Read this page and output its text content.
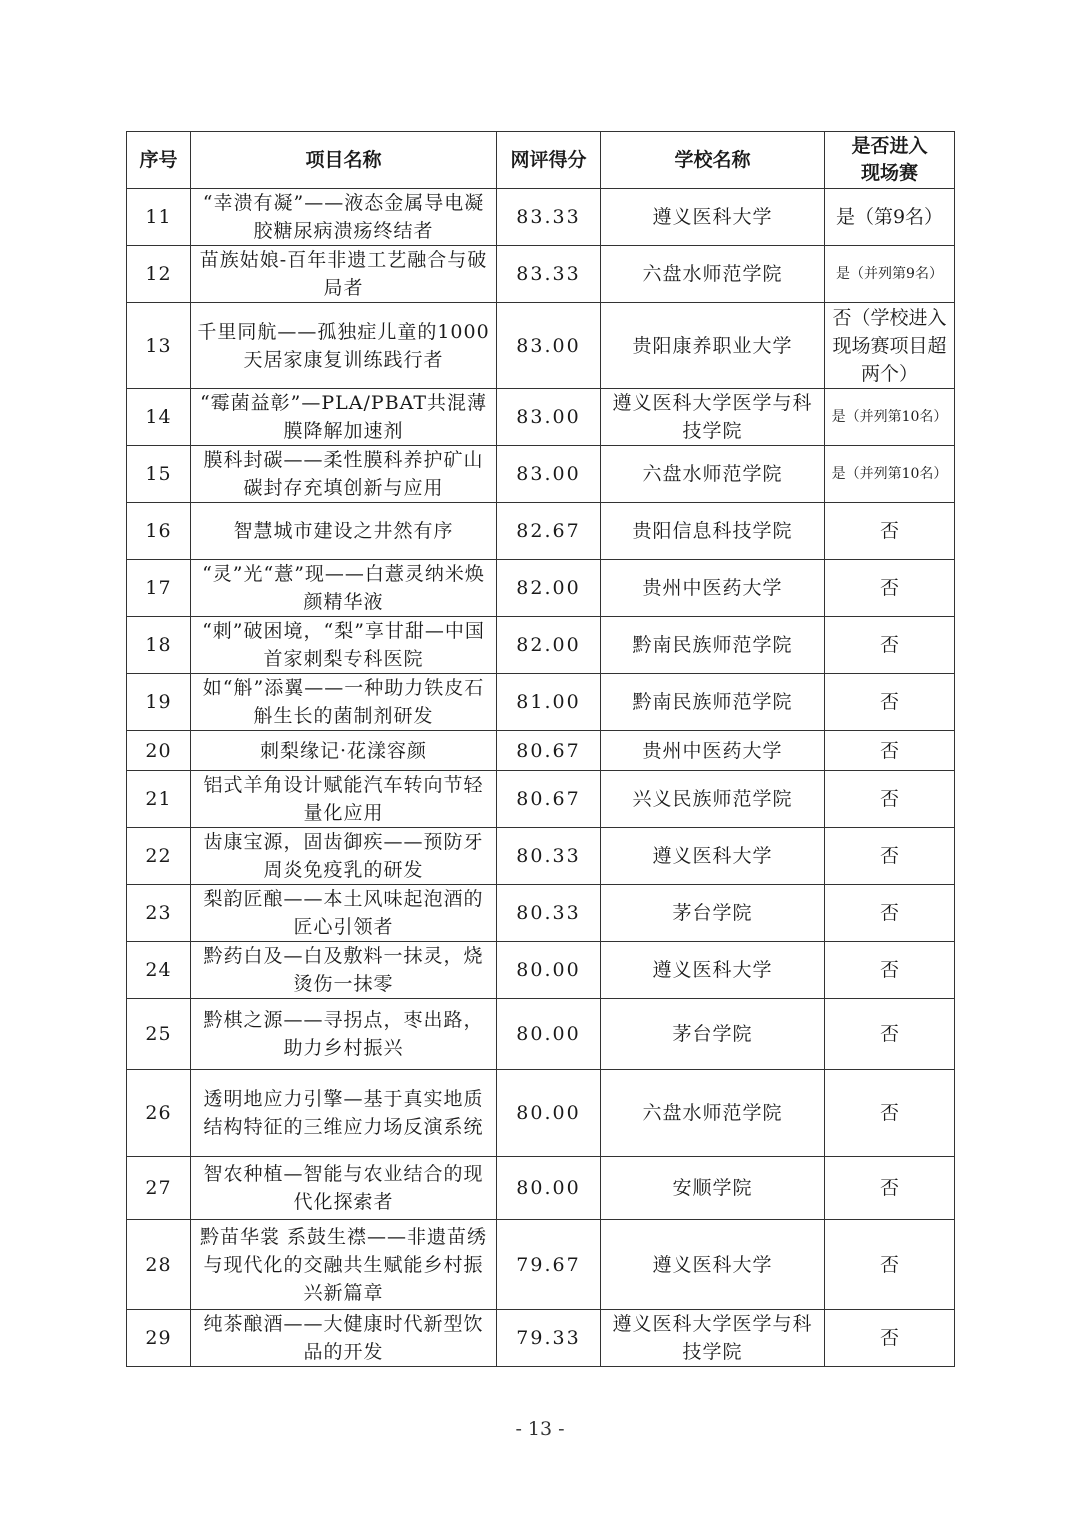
序号	项目名称	网评得分	学校名称	是否进入
现场赛
11	“幸溃有凝”——液态金属导电凝胶糖尿病溃疡终结者	83.33	遵义医科大学	是（第9名）
12	苗族姑娘-百年非遗工艺融合与破局者	83.33	六盘水师范学院	是（并列第9名）
13	千里同航——孤独症儿童的1000天居家康复训练践行者	83.00	贵阳康养职业大学	否（学校进入现场赛项目超两个）
14	“霉菌益彰”—PLA/PBAT共混薄膜降解加速剂	83.00	遵义医科大学医学与科技学院	是（并列第10名）
15	膜科封碳——柔性膜科养护矿山碳封存充填创新与应用	83.00	六盘水师范学院	是（并列第10名）
16	智慧城市建设之井然有序	82.67	贵阳信息科技学院	否
17	“灵”光“薏”现——白薏灵纳米焕颜精华液	82.00	贵州中医药大学	否
18	“刺”破困境，“梨”享甘甜—中国首家刺梨专科医院	82.00	黔南民族师范学院	否
19	如“斛”添翼——一种助力铁皮石斛生长的菌制剂研发	81.00	黔南民族师范学院	否
20	刺梨缘记·花漾容颜	80.67	贵州中医药大学	否
21	铝式羊角设计赋能汽车转向节轻量化应用	80.67	兴义民族师范学院	否
22	齿康宝源，固齿御疾——预防牙周炎免疫乳的研发	80.33	遵义医科大学	否
23	梨韵匠酿——本土风味起泡酒的匠心引领者	80.33	茅台学院	否
24	黔药白及—白及敷料一抹灵，烧烫伤一抹零	80.00	遵义医科大学	否
25	黔棋之源——寻拐点，枣出路，助力乡村振兴	80.00	茅台学院	否
26	透明地应力引擎—基于真实地质结构特征的三维应力场反演系统	80.00	六盘水师范学院	否
27	智农种植—智能与农业结合的现代化探索者	80.00	安顺学院	否
28	黔苗华裳 系鼓生襟——非遗苗绣与现代化的交融共生赋能乡村振兴新篇章	79.67	遵义医科大学	否
29	纯茶酿酒——大健康时代新型饮品的开发	79.33	遵义医科大学医学与科技学院	否
- 13 -
